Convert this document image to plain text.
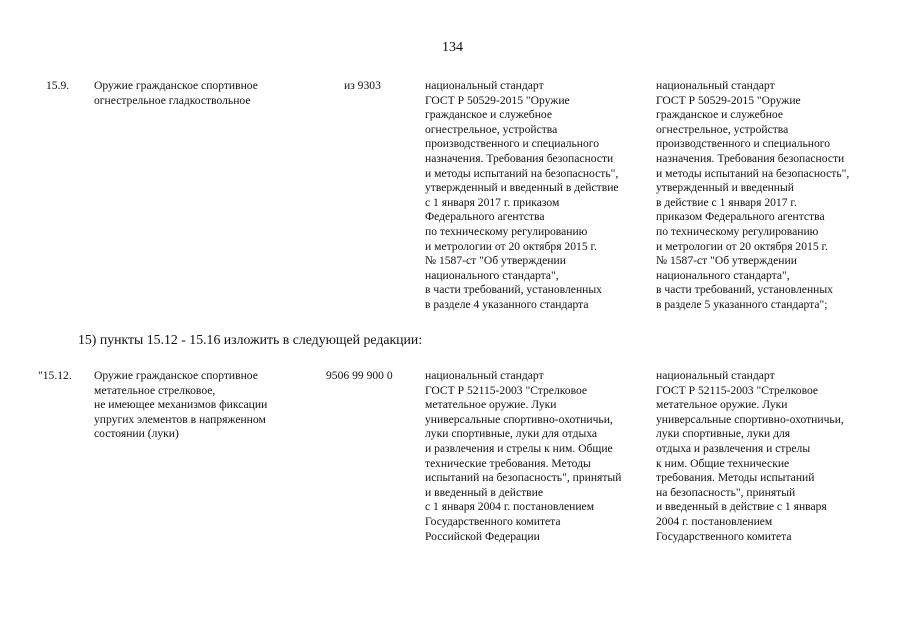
134
15.9. Оружие гражданское спортивное
огнестрельное гладкоствольное
из 9303	национальный стандарт
ГОСТ Р 50529-2015 "Оружие
гражданское и служебное
огнестрельное, устройства
производственного и специального
назначения. Требования безопасности
и методы испытаний на безопасность",
утвержденный и введенный в действие
с 1 января 2017 г. приказом
Федерального агентства
по техническому регулированию
и метрологии от 20 октября 2015 г.
№ 1587-ст "Об утверждении
национального стандарта",
в части требований, установленных
в разделе 4 указанного стандарта
национальный стандарт
ГОСТ Р 50529-2015 "Оружие
гражданское и служебное
огнестрельное, устройства
производственного и специального
назначения. Требования безопасности
и методы испытаний на безопасность",
утвержденный и введенный
в действие с 1 января 2017 г.
приказом Федерального агентства
по техническому регулированию
и метрологии от 20 октября 2015 г.
№ 1587-ст "Об утверждении
национального стандарта",
в части требований, установленных
в разделе 5 указанного стандарта";
15) пункты 15.12 - 15.16 изложить в следующей редакции:
"15.12. Оружие гражданское спортивное
метательное стрелковое,
не имеющее механизмов фиксации
упругих элементов в напряженном
состоянии (луки)
9506 99 900 0	национальный стандарт
ГОСТ Р 52115-2003 "Стрелковое
метательное оружие. Луки
универсальные спортивно-охотничьи,
луки спортивные, луки для отдыха
и развлечения и стрелы к ним. Общие
технические требования. Методы
испытаний на безопасность", принятый
и введенный в действие
с 1 января 2004 г. постановлением
Государственного комитета
Российской Федерации
национальный стандарт
ГОСТ Р 52115-2003 "Стрелковое
метательное оружие. Луки
универсальные спортивно-охотничьи,
луки спортивные, луки для
отдыха и развлечения и стрелы
к ним. Общие технические
требования. Методы испытаний
на безопасность", принятый
и введенный в действие с 1 января
2004 г. постановлением
Государственного комитета
